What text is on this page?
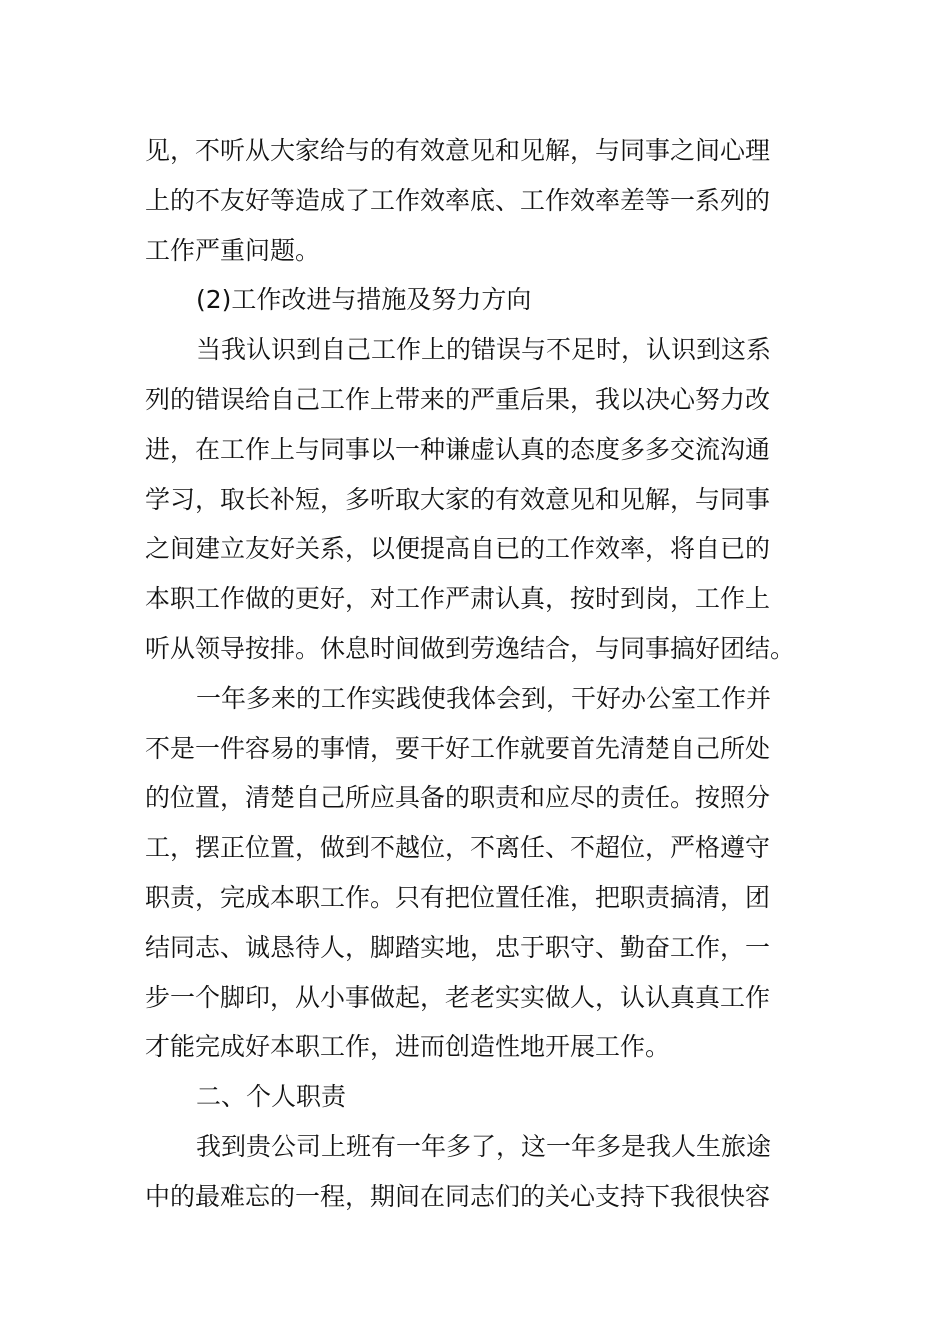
见，不听从大家给与的有效意见和见解，与同事之间心理
上的不友好等造成了工作效率底、工作效率差等一系列的
工作严重问题。
(2)工作改进与措施及努力方向
当我认识到自己工作上的错误与不足时，认识到这系
列的错误给自己工作上带来的严重后果，我以决心努力改
进，在工作上与同事以一种谦虚认真的态度多多交流沟通
学习，取长补短，多听取大家的有效意见和见解，与同事
之间建立友好关系，以便提高自已的工作效率，将自已的
本职工作做的更好，对工作严肃认真，按时到岗，工作上
听从领导按排。休息时间做到劳逸结合，与同事搞好团结。
一年多来的工作实践使我体会到，干好办公室工作并
不是一件容易的事情，要干好工作就要首先清楚自己所处
的位置，清楚自己所应具备的职责和应尽的责任。按照分
工，摆正位置，做到不越位，不离任、不超位，严格遵守
职责，完成本职工作。只有把位置任准，把职责搞清，团
结同志、诚恳待人，脚踏实地，忠于职守、勤奋工作，一
步一个脚印，从小事做起，老老实实做人，认认真真工作
才能完成好本职工作，进而创造性地开展工作。
二、个人职责
我到贵公司上班有一年多了，这一年多是我人生旅途
中的最难忘的一程，期间在同志们的关心支持下我很快容
